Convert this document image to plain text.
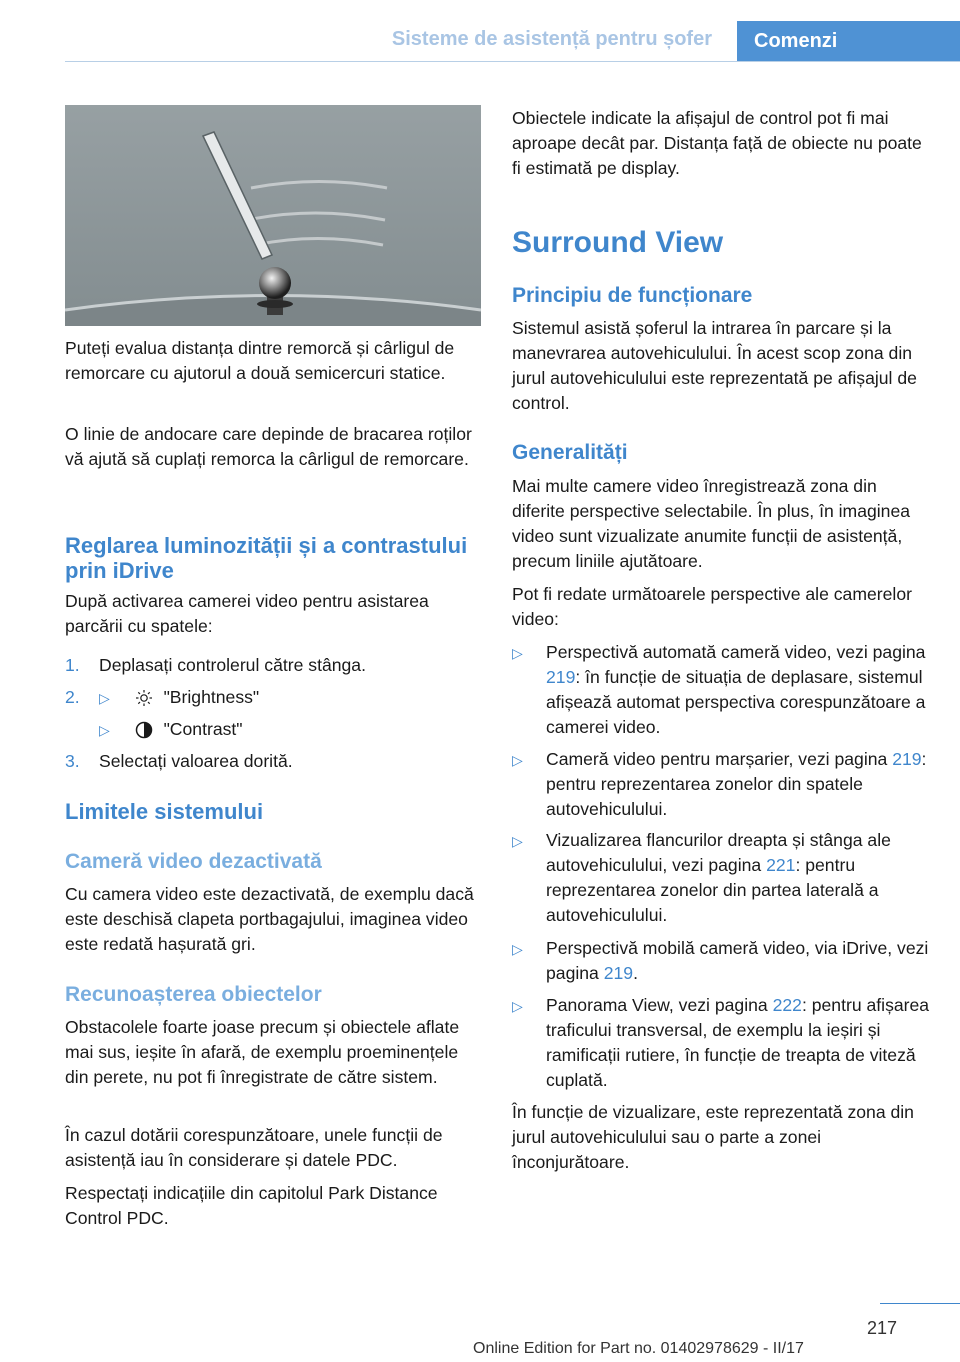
Sisteme de asistență pentru șofer Comenzi

Puteți evalua distanța dintre remorcă și cârligul de remorcare cu ajutorul a două semicercuri statice.

O linie de andocare care depinde de bracarea roților vă ajută să cuplați remorca la cârligul de remorcare.

Reglarea luminozității și a contrastului prin iDrive

După activarea camerei video pentru asistarea parcării cu spatele:

1. Deplasați controlerul către stânga.
2. ▷	"Brightness"
▷	"Contrast"
3. Selectați valoarea dorită.
Limitele sistemului
Cameră video dezactivată

Cu camera video este dezactivată, de exemplu dacă este deschisă clapeta portbagajului, imaginea video este redată hașurată gri.

Recunoașterea obiectelor

Obstacolele foarte joase precum și obiectele aflate mai sus, ieșite în afară, de exemplu proeminențele din perete, nu pot fi înregistrate de către sistem.

În cazul dotării corespunzătoare, unele funcții de asistență iau în considerare și datele PDC.

Respectați indicațiile din capitolul Park Distance Control PDC.

Obiectele indicate la afișajul de control pot fi mai aproape decât par. Distanța față de obiecte nu poate fi estimată pe display.

Surround View
Principiu de funcționare

Sistemul asistă șoferul la intrarea în parcare și la manevrarea autovehiculului. În acest scop zona din jurul autovehiculului este reprezentată pe afișajul de control.

Generalități

Mai multe camere video înregistrează zona din diferite perspective selectabile. În plus, în imaginea video sunt vizualizate anumite funcții de asistență, precum liniile ajutătoare.

Pot fi redate următoarele perspective ale camerelor video:

▷ Perspectivă automată cameră video, vezi pagina 219: în funcție de situația de deplasare, sistemul afișează automat perspectiva corespunzătoare a camerei video.
▷ Cameră video pentru marșarier, vezi pagina 219: pentru reprezentarea zonelor din spatele autovehiculului.
▷ Vizualizarea flancurilor dreapta și stânga ale autovehiculului, vezi pagina 221: pentru reprezentarea zonelor din partea laterală a autovehiculului.
▷ Perspectivă mobilă cameră video, via iDrive, vezi pagina 219.
▷ Panorama View, vezi pagina 222: pentru afișarea traficului transversal, de exemplu la ieșiri și ramificații rutiere, în funcție de treapta de viteză cuplată.

În funcție de vizualizare, este reprezentată zona din jurul autovehiculului sau o parte a zonei înconjurătoare.

217
Online Edition for Part no. 01402978629 - II/17
